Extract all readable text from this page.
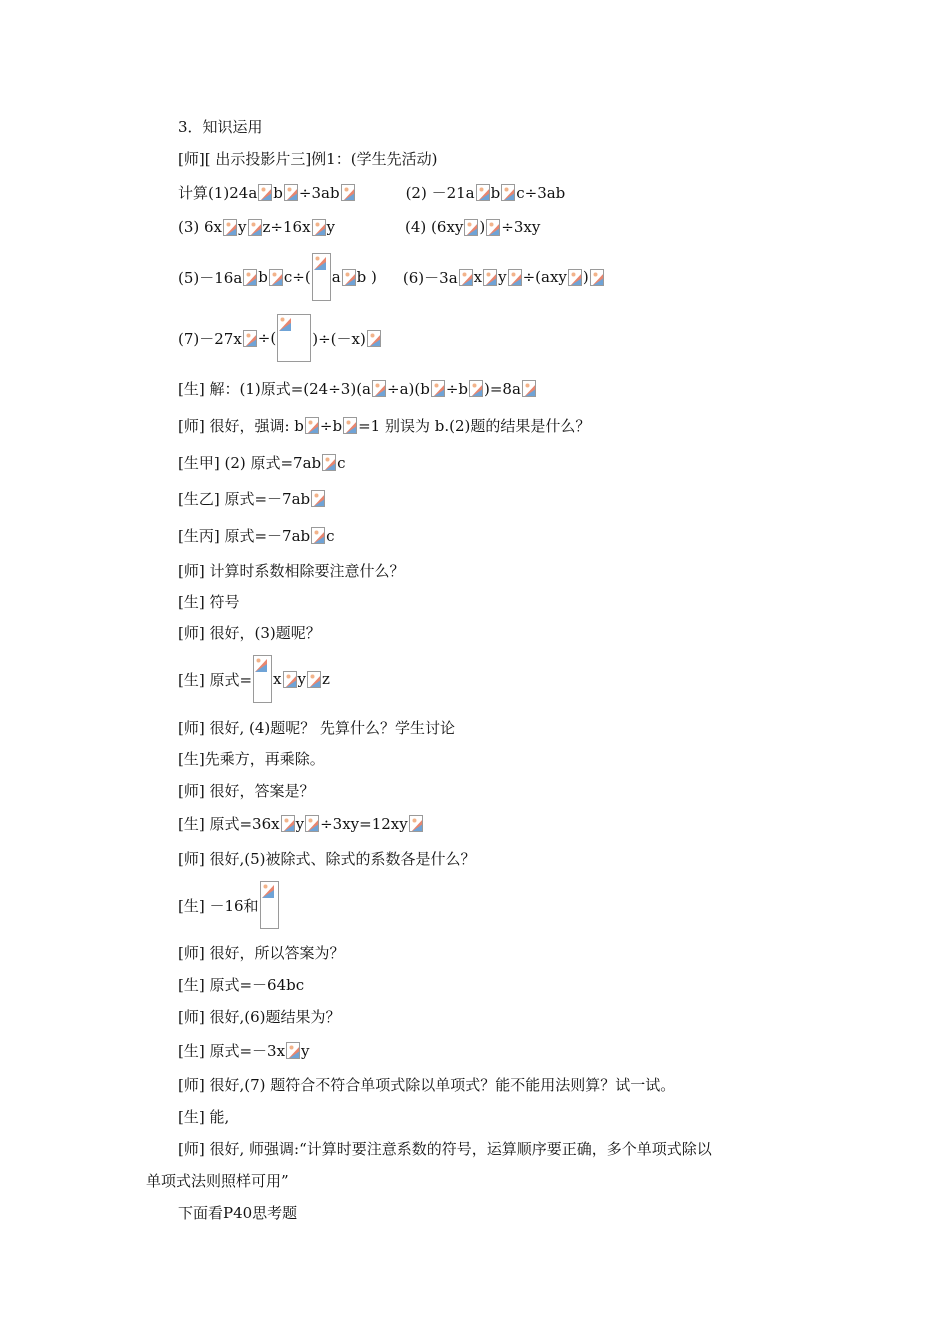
3．知识运用
[师][ 出示投影片三]例1：(学生先活动)
计算(1)24a b ÷3ab	(2) －21a b c÷3ab
(3) 6x y z÷16x y	(4) (6xy ) ÷3xy
(5)－16a b c÷( a b ) (6)－3a x y ÷(axy )
(7)－27x ÷( )÷(－x)
[生] 解：(1)原式=(24÷3)(a ÷a)(b ÷b )=8a
[师] 很好，强调: b ÷b =1 别误为 b.(2)题的结果是什么？
[生甲] (2) 原式=7ab c
[生乙] 原式=－7ab
[生丙] 原式=－7ab c
[师] 计算时系数相除要注意什么？
[生] 符号
[师] 很好，(3)题呢？
[生] 原式= x y z
[师] 很好, (4)题呢？ 先算什么？学生讨论
[生]先乘方，再乘除。
[师] 很好，答案是？
[生] 原式=36x y ÷3xy=12xy
[师] 很好,(5)被除式、除式的系数各是什么？
[生] －16和
[师] 很好，所以答案为？
[生] 原式=－64bc
[师] 很好,(6)题结果为？
[生] 原式=－3x y
[师] 很好,(7) 题符合不符合单项式除以单项式？能不能用法则算？试一试。
[生] 能,
[师] 很好, 师强调:“计算时要注意系数的符号，运算顺序要正确，多个单项式除以
单项式法则照样可用”
下面看P40思考题
